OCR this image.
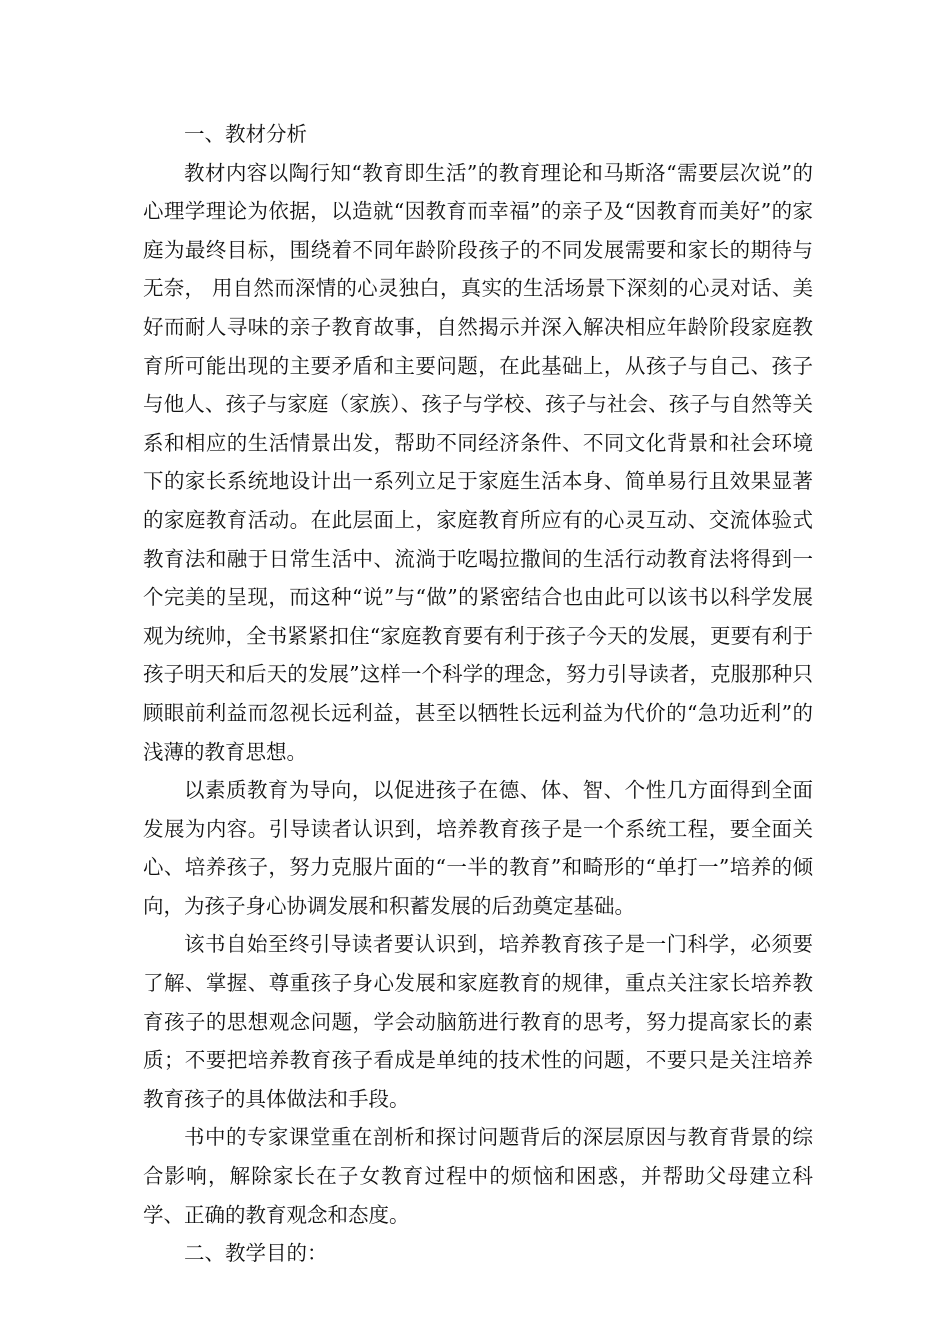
一、教材分析

教材内容以陶行知“教育即生活”的教育理论和马斯洛“需要层次说”的心理学理论为依据，以造就“因教育而幸福”的亲子及“因教育而美好”的家庭为最终目标，围绕着不同年龄阶段孩子的不同发展需要和家长的期待与无奈， 用自然而深情的心灵独白，真实的生活场景下深刻的心灵对话、美好而耐人寻味的亲子教育故事，自然揭示并深入解决相应年龄阶段家庭教育所可能出现的主要矛盾和主要问题，在此基础上，从孩子与自己、孩子与他人、孩子与家庭（家族）、孩子与学校、孩子与社会、孩子与自然等关系和相应的生活情景出发，帮助不同经济条件、不同文化背景和社会环境下的家长系统地设计出一系列立足于家庭生活本身、简单易行且效果显著的家庭教育活动。在此层面上，家庭教育所应有的心灵互动、交流体验式教育法和融于日常生活中、流淌于吃喝拉撒间的生活行动教育法将得到一个完美的呈现，而这种“说”与“做”的紧密结合也由此可以该书以科学发展观为统帅，全书紧紧扣住“家庭教育要有利于孩子今天的发展，更要有利于孩子明天和后天的发展”这样一个科学的理念，努力引导读者，克服那种只顾眼前利益而忽视长远利益，甚至以牺牲长远利益为代价的“急功近利”的浅薄的教育思想。

以素质教育为导向，以促进孩子在德、体、智、个性几方面得到全面发展为内容。引导读者认识到，培养教育孩子是一个系统工程，要全面关心、培养孩子，努力克服片面的“一半的教育”和畸形的“单打一”培养的倾向，为孩子身心协调发展和积蓄发展的后劲奠定基础。

该书自始至终引导读者要认识到，培养教育孩子是一门科学，必须要了解、掌握、尊重孩子身心发展和家庭教育的规律，重点关注家长培养教育孩子的思想观念问题，学会动脑筋进行教育的思考，努力提高家长的素质；不要把培养教育孩子看成是单纯的技术性的问题，不要只是关注培养教育孩子的具体做法和手段。

书中的专家课堂重在剖析和探讨问题背后的深层原因与教育背景的综合影响，解除家长在子女教育过程中的烦恼和困惑，并帮助父母建立科学、正确的教育观念和态度。

二、教学目的：
